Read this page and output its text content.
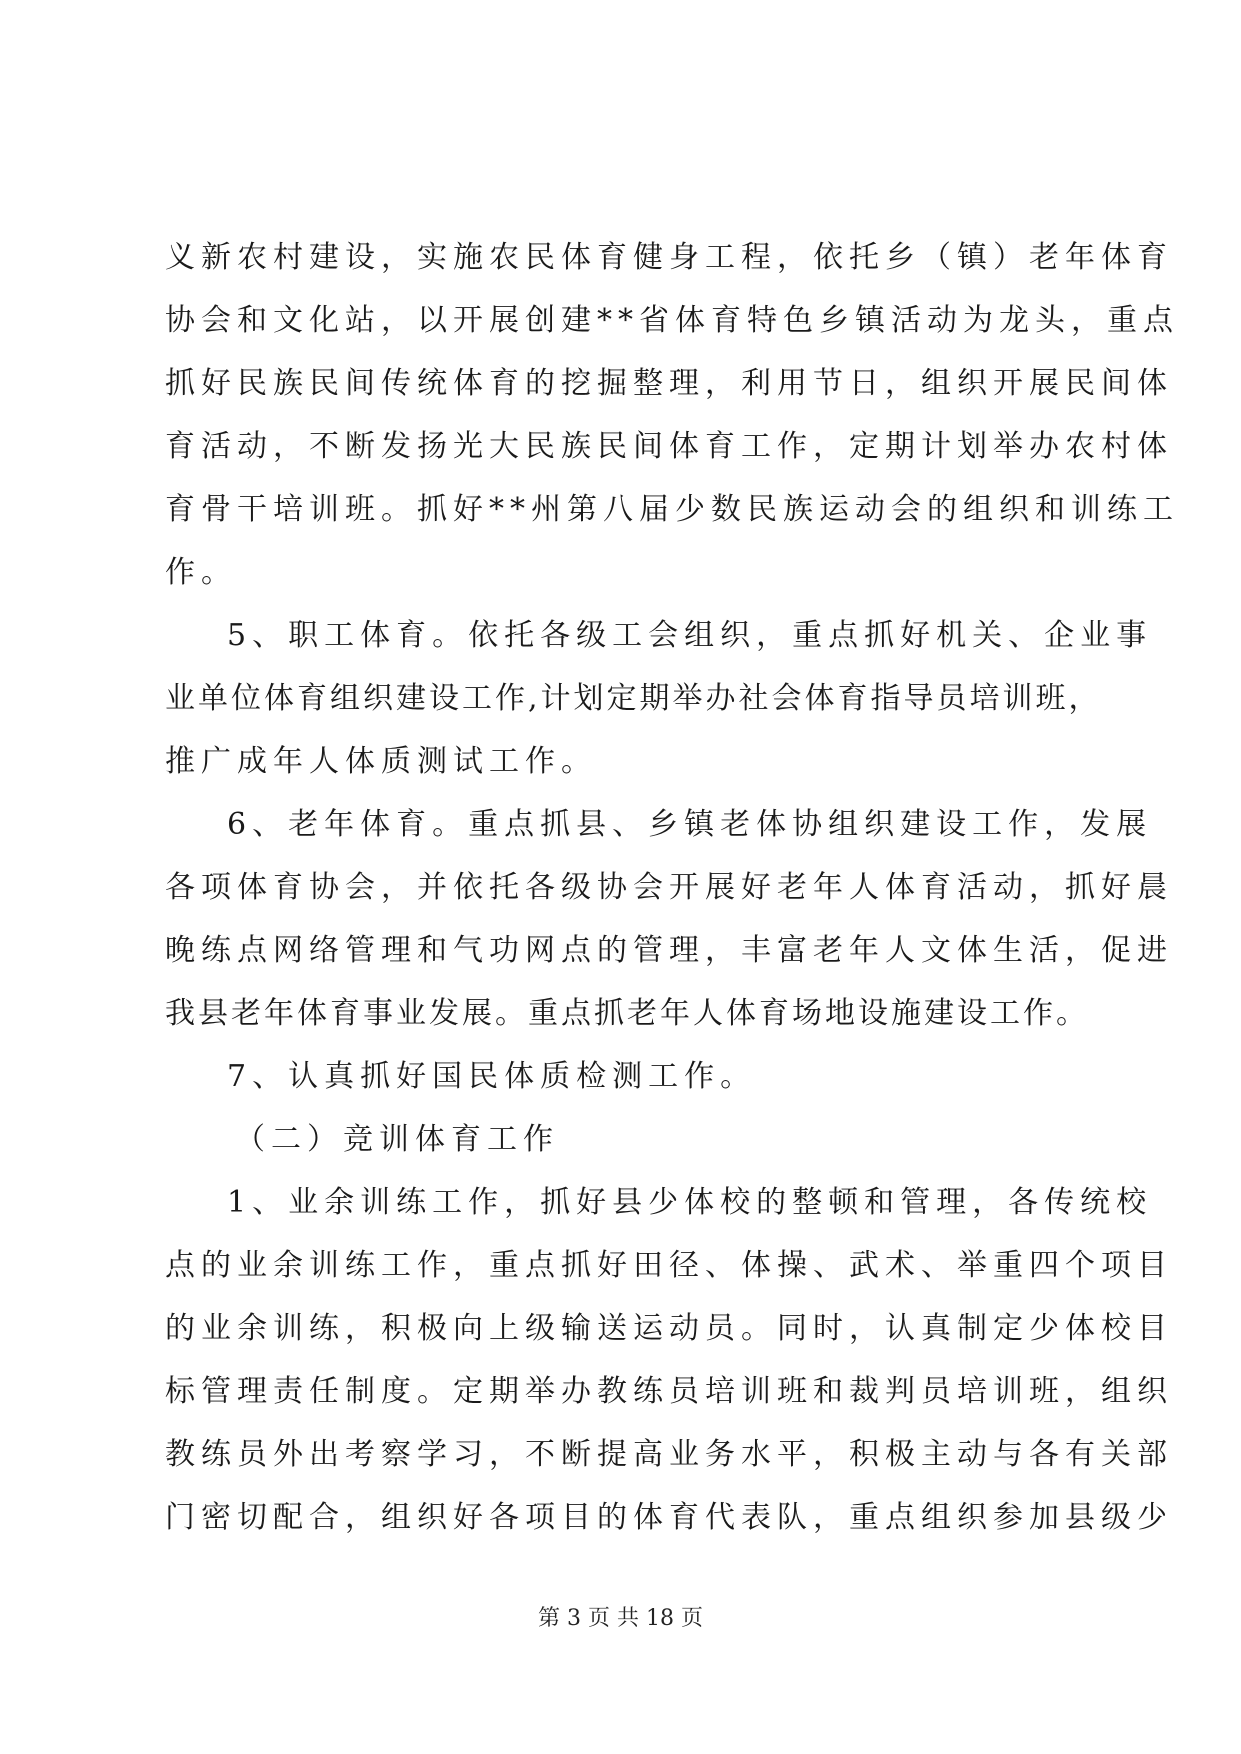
义新农村建设，实施农民体育健身工程，依托乡（镇）老年体育
协会和文化站，以开展创建**省体育特色乡镇活动为龙头，重点
抓好民族民间传统体育的挖掘整理，利用节日，组织开展民间体
育活动，不断发扬光大民族民间体育工作，定期计划举办农村体
育骨干培训班。抓好**州第八届少数民族运动会的组织和训练工
作。
5、职工体育。依托各级工会组织，重点抓好机关、企业事
业单位体育组织建设工作,计划定期举办社会体育指导员培训班，
推广成年人体质测试工作。
6、老年体育。重点抓县、乡镇老体协组织建设工作，发展
各项体育协会，并依托各级协会开展好老年人体育活动，抓好晨
晚练点网络管理和气功网点的管理，丰富老年人文体生活，促进
我县老年体育事业发展。重点抓老年人体育场地设施建设工作。
7、认真抓好国民体质检测工作。
（二）竞训体育工作
1、业余训练工作，抓好县少体校的整顿和管理，各传统校
点的业余训练工作，重点抓好田径、体操、武术、举重四个项目
的业余训练，积极向上级输送运动员。同时，认真制定少体校目
标管理责任制度。定期举办教练员培训班和裁判员培训班，组织
教练员外出考察学习，不断提高业务水平，积极主动与各有关部
门密切配合，组织好各项目的体育代表队，重点组织参加县级少
第 3 页 共 18 页
